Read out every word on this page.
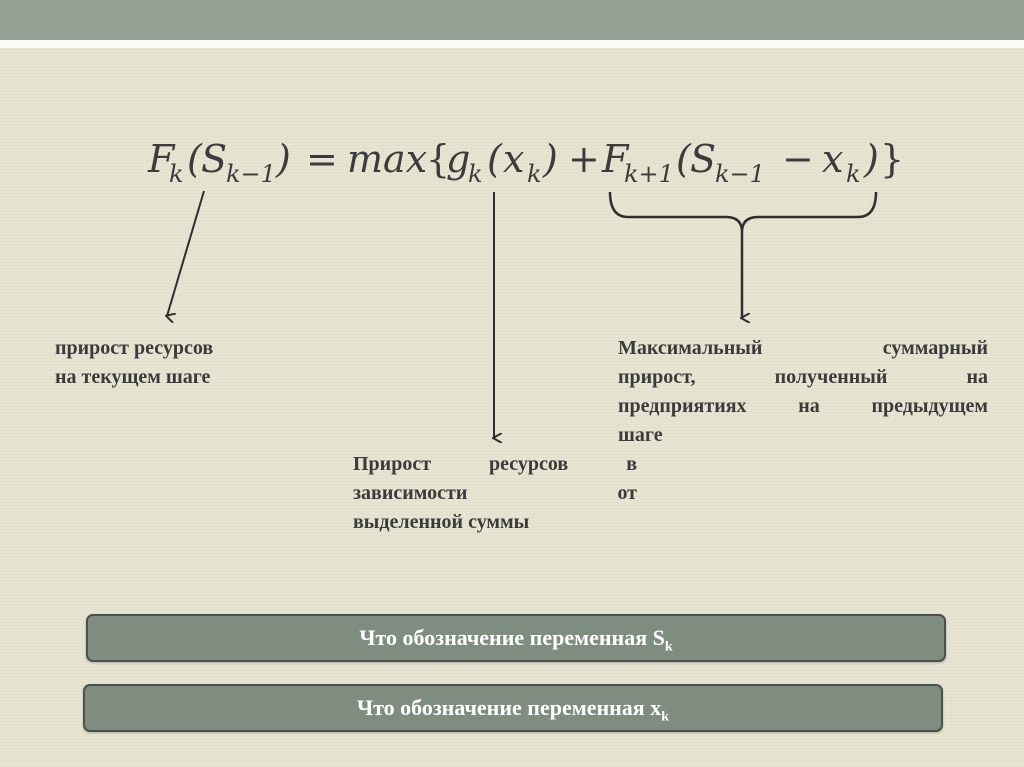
F
k ( S
k−1 ) = max
{
g
k ( x k ) + F
k+1 ( S
k−1 − x k ) }
прирост ресурсов
на текущем шаге
Максимальный суммарный
прирост, полученный на
предприятиях на предыдущем
шаге
Прирост ресурсов в
зависимости от
выделенной суммы
Что обозначение переменная $S_k$
Что обозначение переменная $x_k$
